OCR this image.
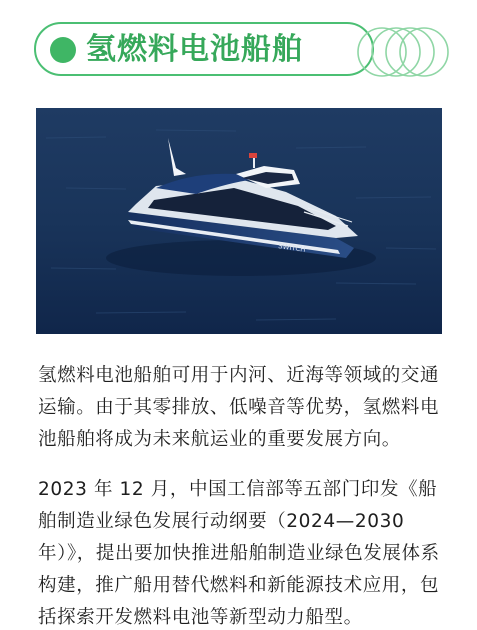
氢燃料电池船舶
SWITCH

氢燃料电池船舶可用于内河、近海等领域的交通运输。由于其零排放、低噪音等优势，氢燃料电池船舶将成为未来航运业的重要发展方向。

2023 年 12 月，中国工信部等五部门印发《船舶制造业绿色发展行动纲要（2024—2030年）》，提出要加快推进船舶制造业绿色发展体系构建，推广船用替代燃料和新能源技术应用，包括探索开发燃料电池等新型动力船型。
